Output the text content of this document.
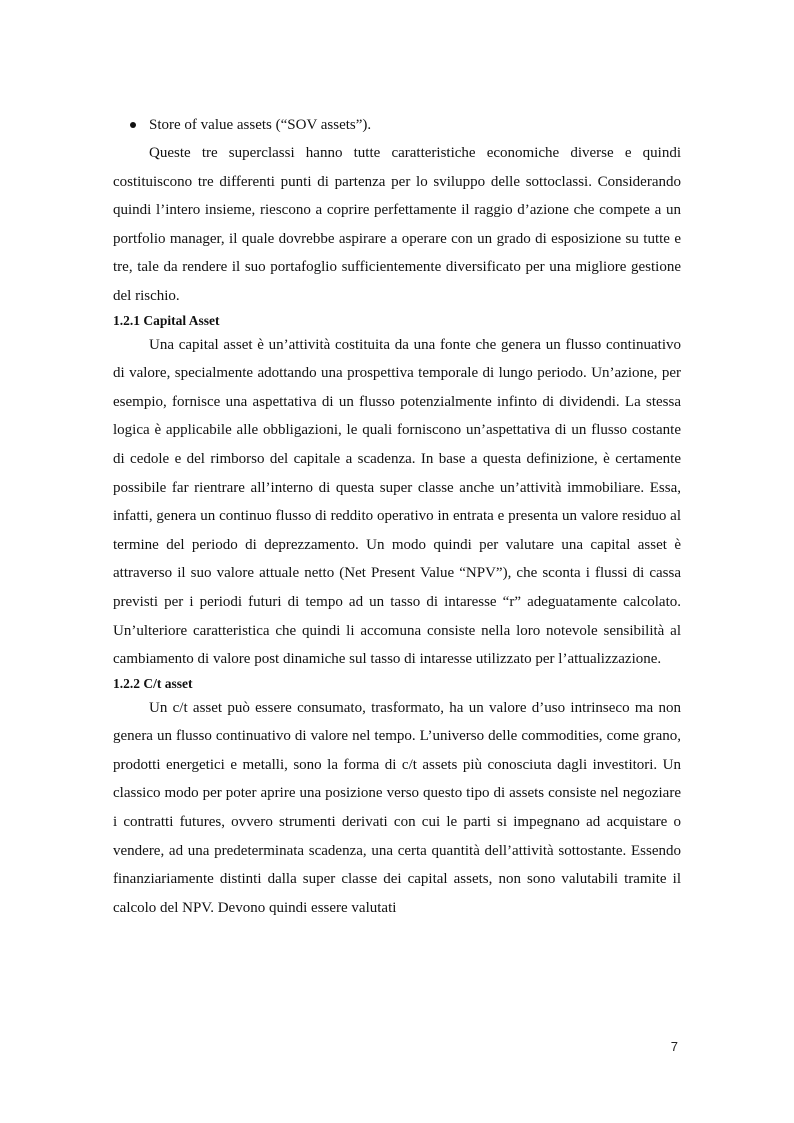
Store of value assets (“SOV assets”).

Queste tre superclassi hanno tutte caratteristiche economiche diverse e quindi costituiscono tre differenti punti di partenza per lo sviluppo delle sottoclassi. Considerando quindi l’intero insieme, riescono a coprire perfettamente il raggio d’azione che compete a un portfolio manager, il quale dovrebbe aspirare a operare con un grado di esposizione su tutte e tre, tale da rendere il suo portafoglio sufficientemente diversificato per una migliore gestione del rischio.

1.2.1 Capital Asset

Una capital asset è un’attività costituita da una fonte che genera un flusso continuativo di valore, specialmente adottando una prospettiva temporale di lungo periodo. Un’azione, per esempio, fornisce una aspettativa di un flusso potenzialmente infinto di dividendi. La stessa logica è applicabile alle obbligazioni, le quali forniscono un’aspettativa di un flusso costante di cedole e del rimborso del capitale a scadenza. In base a questa definizione, è certamente possibile far rientrare all’interno di questa super classe anche un’attività immobiliare. Essa, infatti, genera un continuo flusso di reddito operativo in entrata e presenta un valore residuo al termine del periodo di deprezzamento. Un modo quindi per valutare una capital asset è attraverso il suo valore attuale netto (Net Present Value “NPV”), che sconta i flussi di cassa previsti per i periodi futuri di tempo ad un tasso di intaresse “r” adeguatamente calcolato. Un’ulteriore caratteristica che quindi li accomuna consiste nella loro notevole sensibilità al cambiamento di valore post dinamiche sul tasso di intaresse utilizzato per l’attualizzazione.

1.2.2 C/t asset

Un c/t asset può essere consumato, trasformato, ha un valore d’uso intrinseco ma non genera un flusso continuativo di valore nel tempo. L’universo delle commodities, come grano, prodotti energetici e metalli, sono la forma di c/t assets più conosciuta dagli investitori. Un classico modo per poter aprire una posizione verso questo tipo di assets consiste nel negoziare i contratti futures, ovvero strumenti derivati con cui le parti si impegnano ad acquistare o vendere, ad una predeterminata scadenza, una certa quantità dell’attività sottostante. Essendo finanziariamente distinti dalla super classe dei capital assets, non sono valutabili tramite il calcolo del NPV. Devono quindi essere valutati

7
